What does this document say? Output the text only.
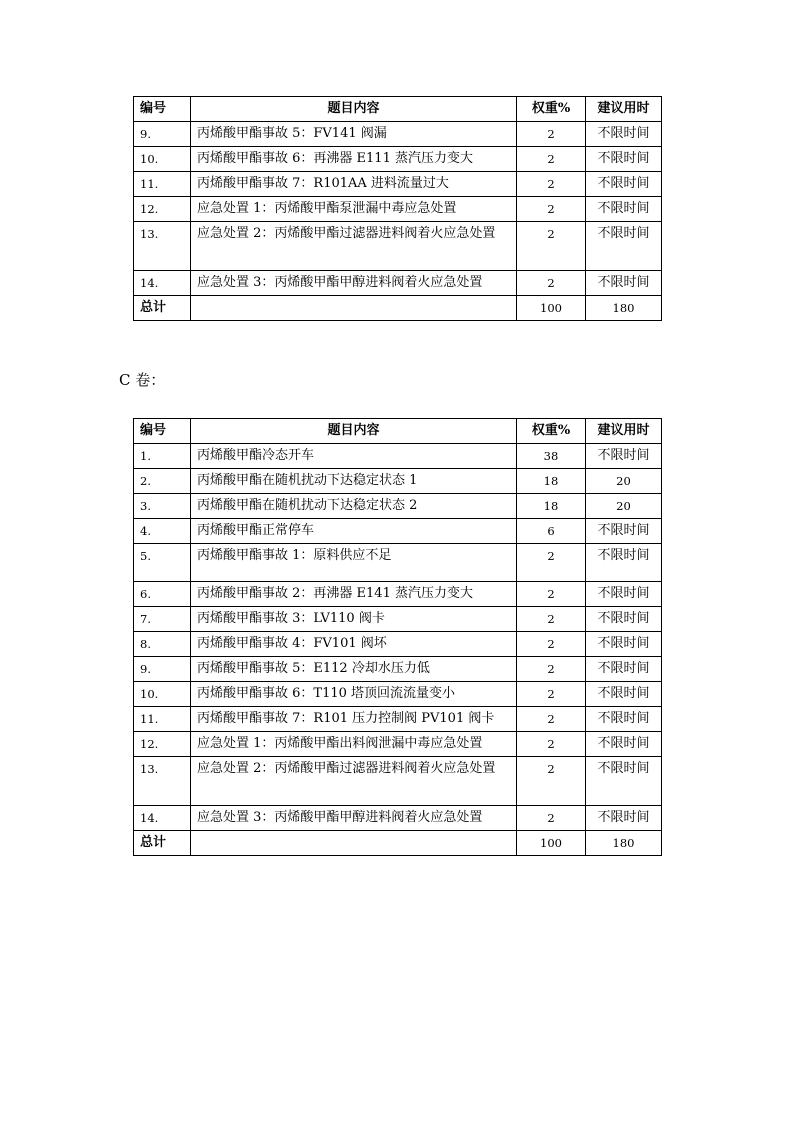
编号	题目内容	权重%	建议用时
9.	丙烯酸甲酯事故 5：FV141 阀漏	2	不限时间
10.	丙烯酸甲酯事故 6：再沸器 E111 蒸汽压力变大	2	不限时间
11.	丙烯酸甲酯事故 7：R101AA 进料流量过大	2	不限时间
12.	应急处置 1：丙烯酸甲酯泵泄漏中毒应急处置	2	不限时间
13.	应急处置 2：丙烯酸甲酯过滤器进料阀着火应急处置	2	不限时间
14.	应急处置 3：丙烯酸甲酯甲醇进料阀着火应急处置	2	不限时间
总计		100	180
C 卷：
编号	题目内容	权重%	建议用时
1.	丙烯酸甲酯冷态开车	38	不限时间
2.	丙烯酸甲酯在随机扰动下达稳定状态 1	18	20
3.	丙烯酸甲酯在随机扰动下达稳定状态 2	18	20
4.	丙烯酸甲酯正常停车	6	不限时间
5.	丙烯酸甲酯事故 1：原料供应不足	2	不限时间
6.	丙烯酸甲酯事故 2：再沸器 E141 蒸汽压力变大	2	不限时间
7.	丙烯酸甲酯事故 3：LV110 阀卡	2	不限时间
8.	丙烯酸甲酯事故 4：FV101 阀坏	2	不限时间
9.	丙烯酸甲酯事故 5：E112 冷却水压力低	2	不限时间
10.	丙烯酸甲酯事故 6：T110 塔顶回流流量变小	2	不限时间
11.	丙烯酸甲酯事故 7：R101 压力控制阀 PV101 阀卡	2	不限时间
12.	应急处置 1：丙烯酸甲酯出料阀泄漏中毒应急处置	2	不限时间
13.	应急处置 2：丙烯酸甲酯过滤器进料阀着火应急处置	2	不限时间
14.	应急处置 3：丙烯酸甲酯甲醇进料阀着火应急处置	2	不限时间
总计		100	180
